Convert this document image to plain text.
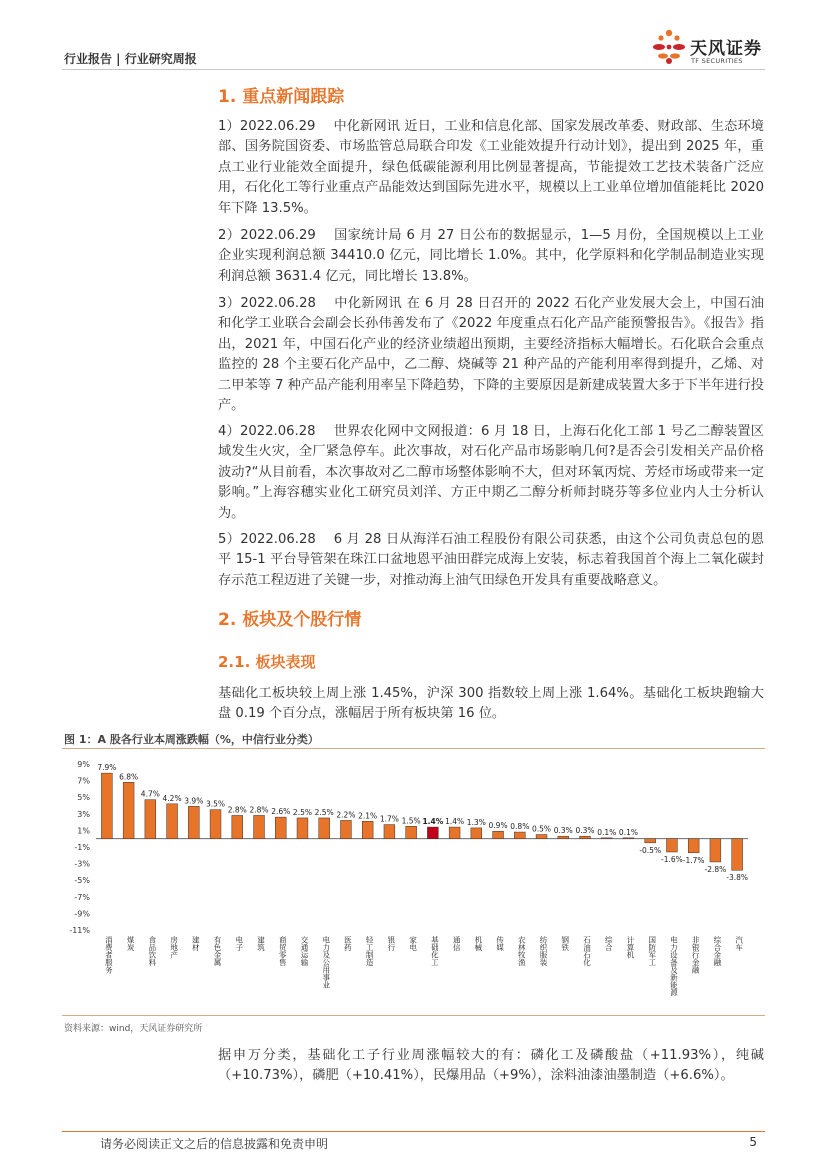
行业报告 | 行业研究周报	天风证券
TF SECURITIES
1. 重点新闻跟踪

1）2022.06.29 中化新网讯 近日，工业和信息化部、国家发展改革委、财政部、生态环境部、国务院国资委、市场监管总局联合印发《工业能效提升行动计划》，提出到 2025 年，重点工业行业能效全面提升，绿色低碳能源利用比例显著提高，节能提效工艺技术装备广泛应用，石化化工等行业重点产品能效达到国际先进水平，规模以上工业单位增加值能耗比 2020 年下降 13.5%。

2）2022.06.29 国家统计局 6 月 27 日公布的数据显示，1—5 月份，全国规模以上工业企业实现利润总额 34410.0 亿元，同比增长 1.0%。其中，化学原料和化学制品制造业实现利润总额 3631.4 亿元，同比增长 13.8%。

3）2022.06.28 中化新网讯 在 6 月 28 日召开的 2022 石化产业发展大会上，中国石油和化学工业联合会副会长孙伟善发布了《2022 年度重点石化产品产能预警报告》。《报告》指出，2021 年，中国石化产业的经济业绩超出预期，主要经济指标大幅增长。石化联合会重点监控的 28 个主要石化产品中，乙二醇、烧碱等 21 种产品的产能利用率得到提升，乙烯、对二甲苯等 7 种产品产能利用率呈下降趋势，下降的主要原因是新建成装置大多于下半年进行投产。

4）2022.06.28 世界农化网中文网报道：6 月 18 日，上海石化化工部 1 号乙二醇装置区域发生火灾，全厂紧急停车。此次事故，对石化产品市场影响几何?是否会引发相关产品价格波动?“从目前看，本次事故对乙二醇市场整体影响不大，但对环氧丙烷、芳烃市场或带来一定影响。”上海容穗实业化工研究员刘洋、方正中期乙二醇分析师封晓芬等多位业内人士分析认为。

5）2022.06.28 6 月 28 日从海洋石油工程股份有限公司获悉，由这个公司负责总包的恩平 15-1 平台导管架在珠江口盆地恩平油田群完成海上安装，标志着我国首个海上二氧化碳封存示范工程迈进了关键一步，对推动海上油气田绿色开发具有重要战略意义。

2. 板块及个股行情
2.1. 板块表现

基础化工板块较上周上涨 1.45%，沪深 300 指数较上周上涨 1.64%。基础化工板块跑输大盘 0.19 个百分点，涨幅居于所有板块第 16 位。

图 1：A 股各行业本周涨跌幅（%，中信行业分类）
9%
7%
5%
3%
1%
-1%
-3%
-5%
-7%
-9%
-11%
7.9%
消费者服务
6.8%
煤炭
4.7%
食品饮料
4.2%
房地产
3.9%
建材
3.5%
有色金属
2.8%
电子
2.8%
建筑
2.6%
商贸零售
2.5%
交通运输
2.5%
电力及公用事业
2.2%
医药
2.1%
轻工制造
1.7%
银行
1.5%
家电
1.4%
基础化工
1.4%
通信
1.3%
机械
0.9%
传媒
0.8%
农林牧渔
0.5%
纺织服装
0.3%
钢铁
0.3%
石油石化
0.1%
综合
0.1%
计算机
-0.5%
国防军工
-1.6%
电力设备及新能源
-1.7%
非银行金融
-2.8%
综合金融
-3.8%
汽车
资料来源：wind，天风证券研究所

据申万分类，基础化工子行业周涨幅较大的有：磷化工及磷酸盐（+11.93%），纯碱（+10.73%），磷肥（+10.41%），民爆用品（+9%），涂料油漆油墨制造（+6.6%）。

请务必阅读正文之后的信息披露和免责申明	5
